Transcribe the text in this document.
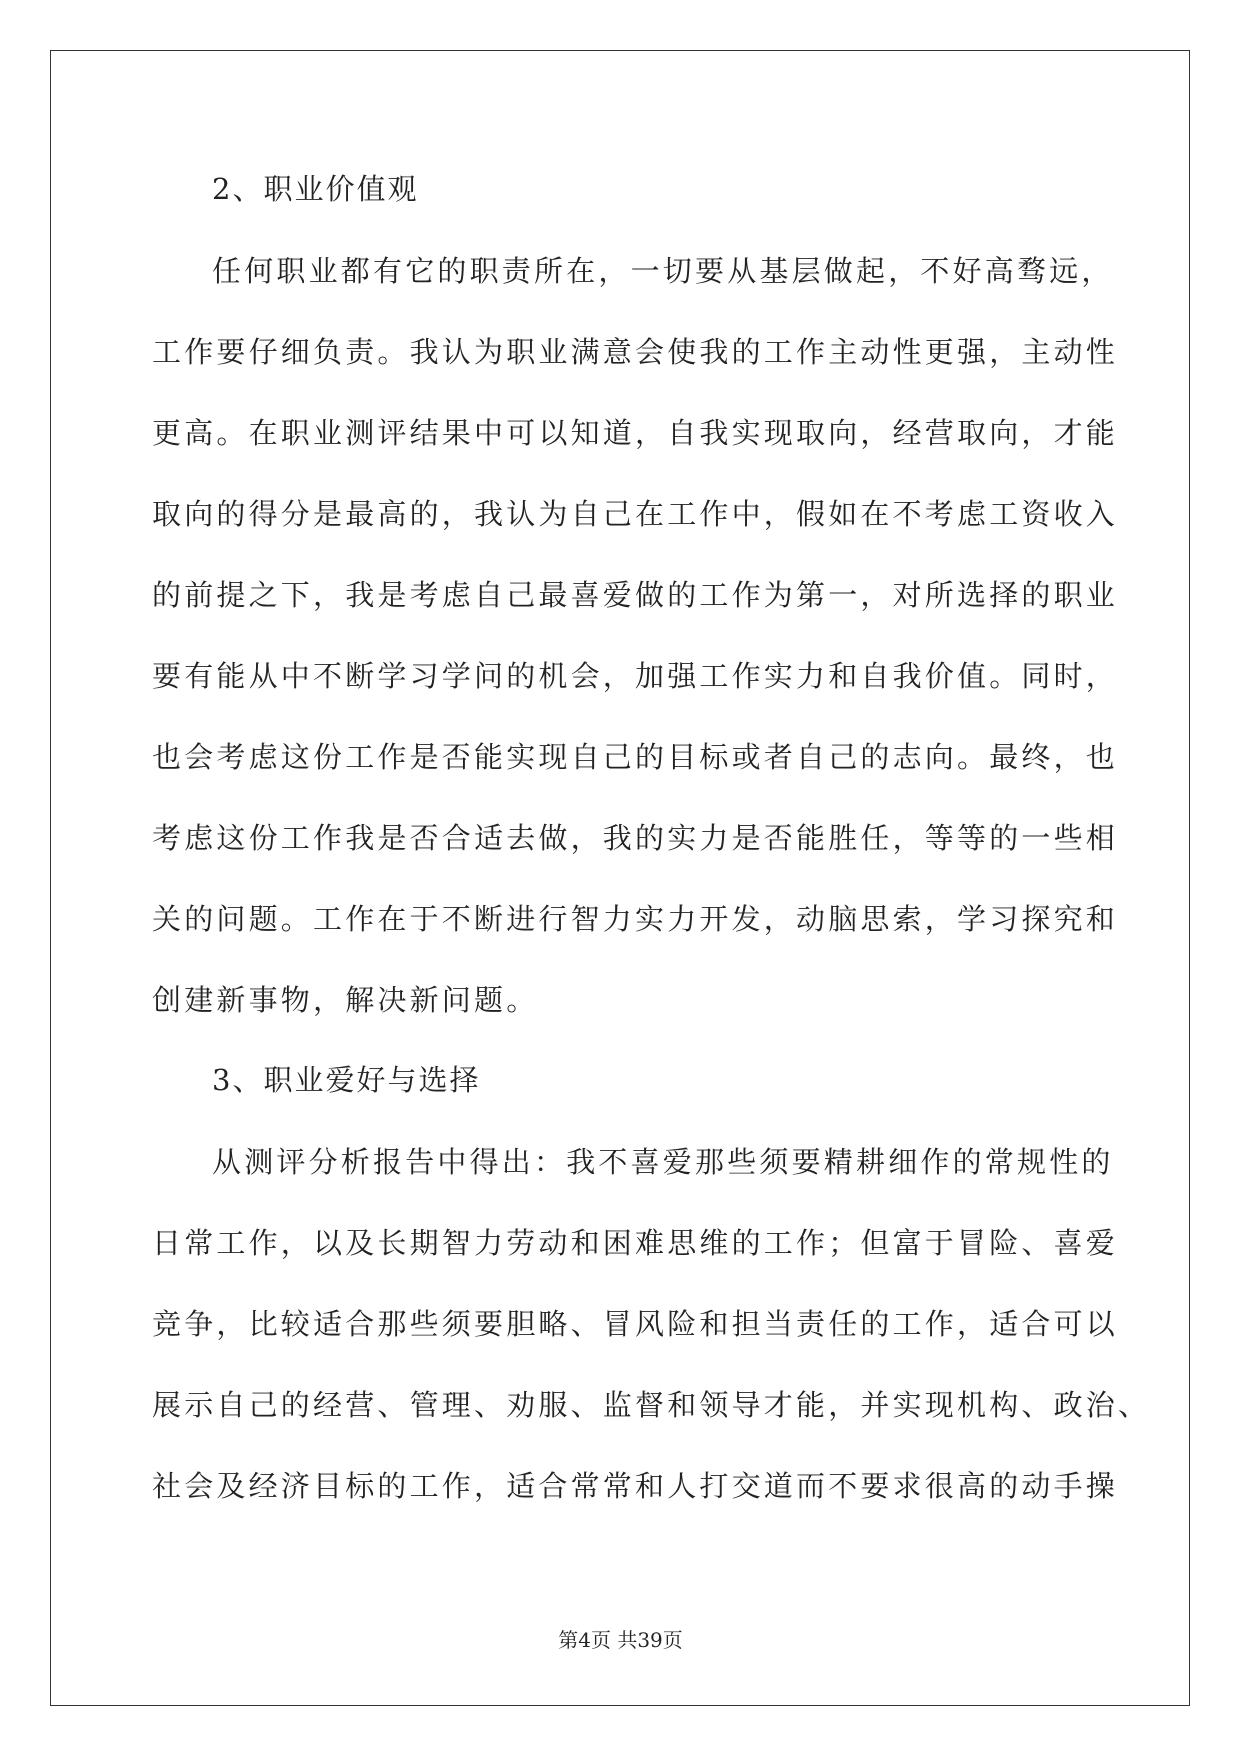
2、职业价值观
任何职业都有它的职责所在，一切要从基层做起，不好高骛远，
工作要仔细负责。我认为职业满意会使我的工作主动性更强，主动性
更高。在职业测评结果中可以知道，自我实现取向，经营取向，才能
取向的得分是最高的，我认为自己在工作中，假如在不考虑工资收入
的前提之下，我是考虑自己最喜爱做的工作为第一，对所选择的职业
要有能从中不断学习学问的机会，加强工作实力和自我价值。同时，
也会考虑这份工作是否能实现自己的目标或者自己的志向。最终，也
考虑这份工作我是否合适去做，我的实力是否能胜任，等等的一些相
关的问题。工作在于不断进行智力实力开发，动脑思索，学习探究和
创建新事物，解决新问题。
3、职业爱好与选择
从测评分析报告中得出：我不喜爱那些须要精耕细作的常规性的
日常工作，以及长期智力劳动和困难思维的工作；但富于冒险、喜爱
竞争，比较适合那些须要胆略、冒风险和担当责任的工作，适合可以
展示自己的经营、管理、劝服、监督和领导才能，并实现机构、政治、
社会及经济目标的工作，适合常常和人打交道而不要求很高的动手操
第4页 共39页
